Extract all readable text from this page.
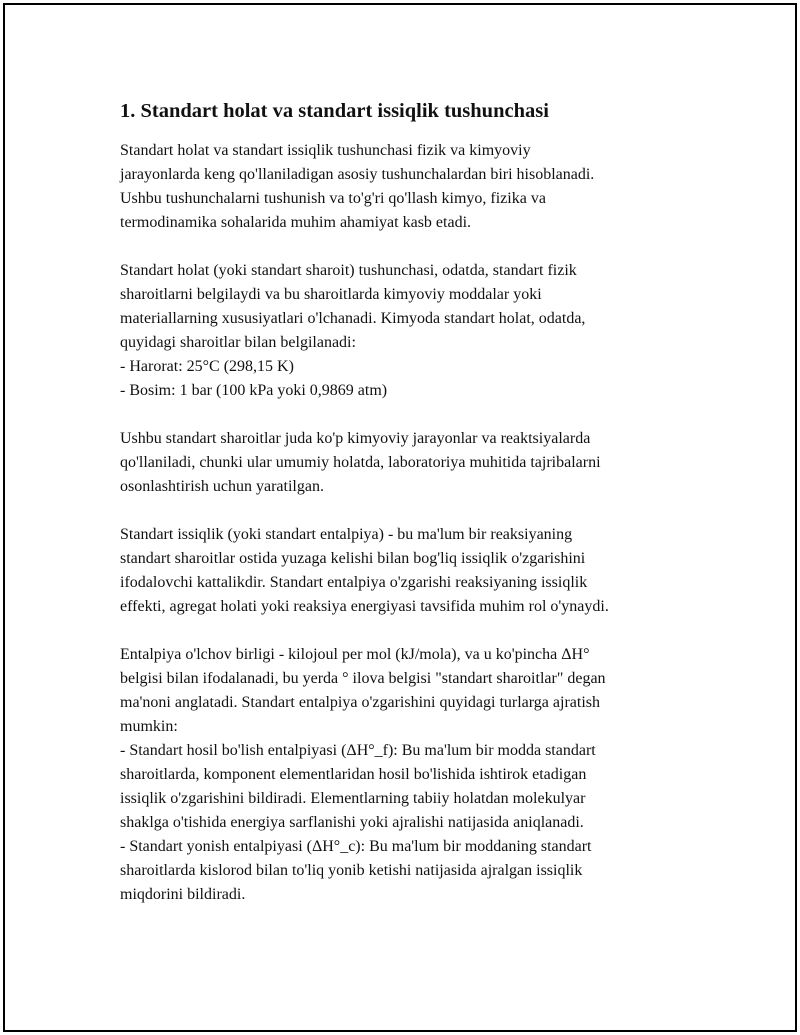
1. Standart holat va standart issiqlik tushunchasi

Standart holat va standart issiqlik tushunchasi fizik va kimyoviy
jarayonlarda keng qo'llaniladigan asosiy tushunchalardan biri hisoblanadi.
Ushbu tushunchalarni tushunish va to'g'ri qo'llash kimyo, fizika va
termodinamika sohalarida muhim ahamiyat kasb etadi.

Standart holat (yoki standart sharoit) tushunchasi, odatda, standart fizik
sharoitlarni belgilaydi va bu sharoitlarda kimyoviy moddalar yoki
materiallarning xususiyatlari o'lchanadi. Kimyoda standart holat, odatda,
quyidagi sharoitlar bilan belgilanadi:
- Harorat: 25°C (298,15 K)
- Bosim: 1 bar (100 kPa yoki 0,9869 atm)

Ushbu standart sharoitlar juda ko'p kimyoviy jarayonlar va reaktsiyalarda
qo'llaniladi, chunki ular umumiy holatda, laboratoriya muhitida tajribalarni
osonlashtirish uchun yaratilgan.

Standart issiqlik (yoki standart entalpiya) - bu ma'lum bir reaksiyaning
standart sharoitlar ostida yuzaga kelishi bilan bog'liq issiqlik o'zgarishini
ifodalovchi kattalikdir. Standart entalpiya o'zgarishi reaksiyaning issiqlik
effekti, agregat holati yoki reaksiya energiyasi tavsifida muhim rol o'ynaydi.

Entalpiya o'lchov birligi - kilojoul per mol (kJ/mola), va u ko'pincha ΔH°
belgisi bilan ifodalanadi, bu yerda ° ilova belgisi "standart sharoitlar" degan
ma'noni anglatadi. Standart entalpiya o'zgarishini quyidagi turlarga ajratish
mumkin:
- Standart hosil bo'lish entalpiyasi (ΔH°_f): Bu ma'lum bir modda standart
sharoitlarda, komponent elementlaridan hosil bo'lishida ishtirok etadigan
issiqlik o'zgarishini bildiradi. Elementlarning tabiiy holatdan molekulyar
shaklga o'tishida energiya sarflanishi yoki ajralishi natijasida aniqlanadi.
- Standart yonish entalpiyasi (ΔH°_c): Bu ma'lum bir moddaning standart
sharoitlarda kislorod bilan to'liq yonib ketishi natijasida ajralgan issiqlik
miqdorini bildiradi.
